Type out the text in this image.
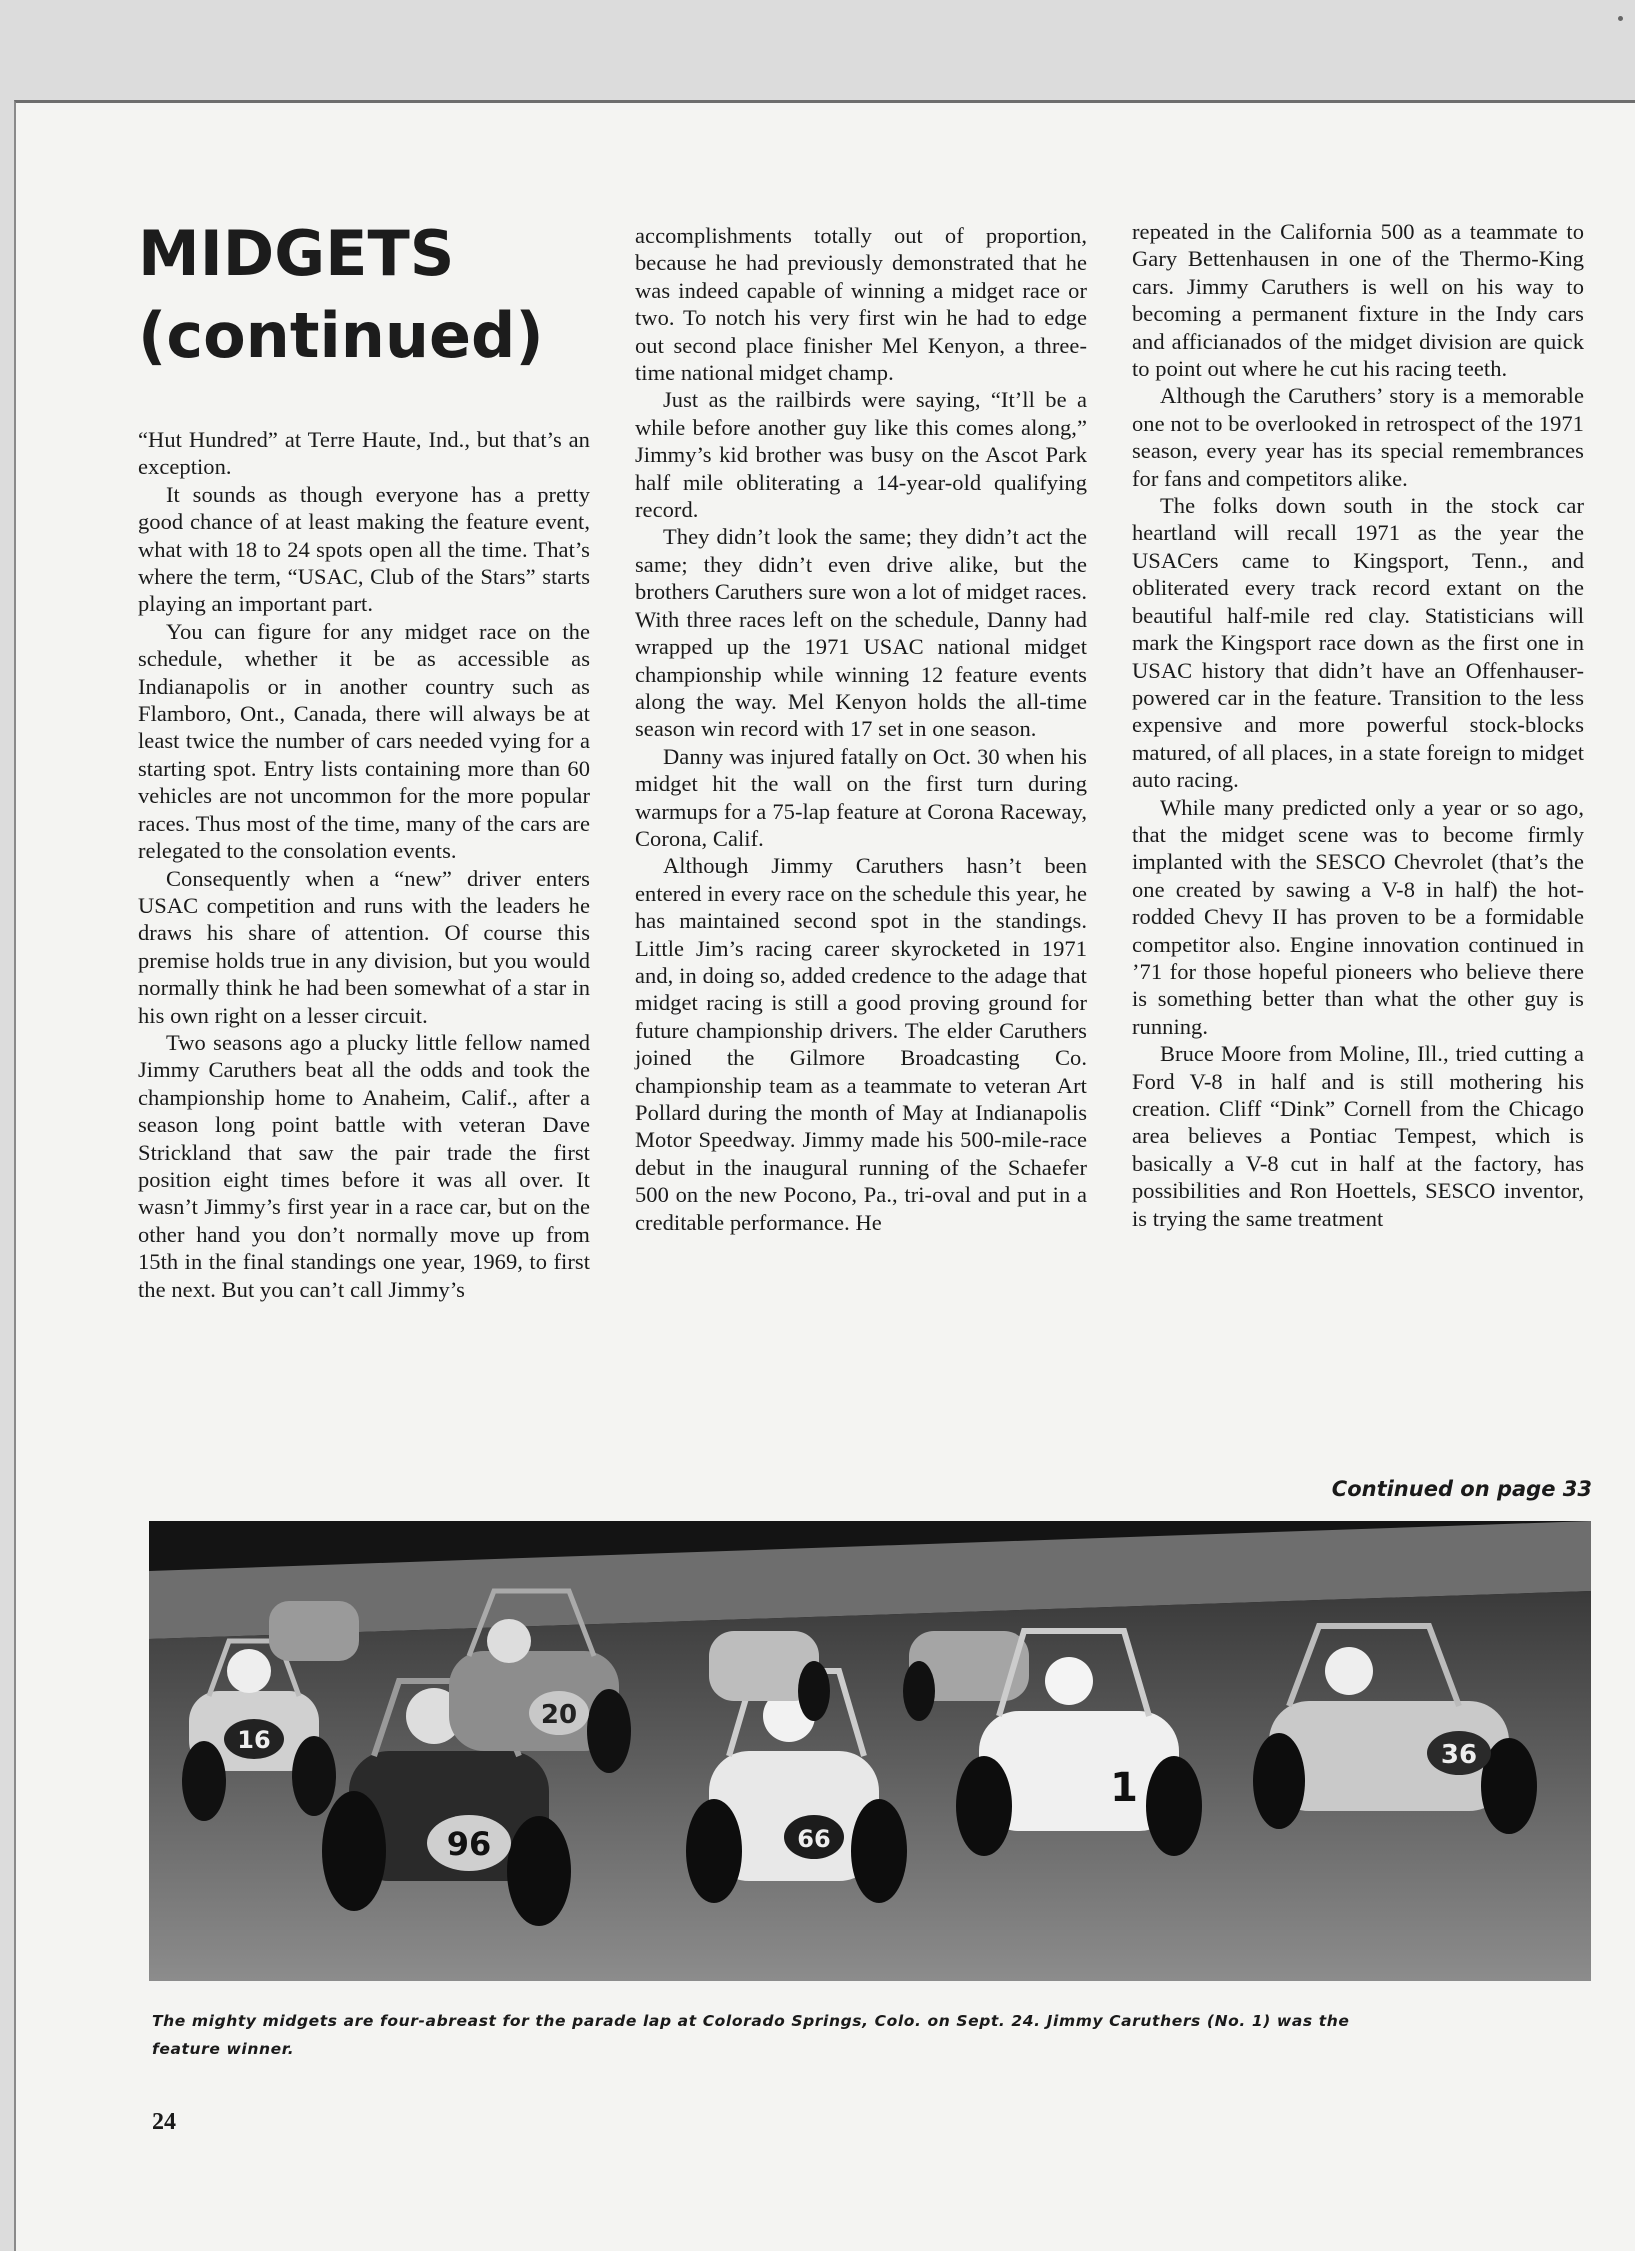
MIDGETS
(continued)

“Hut Hundred” at Terre Haute, Ind., but that’s an exception.

It sounds as though everyone has a pretty good chance of at least making the feature event, what with 18 to 24 spots open all the time. That’s where the term, “USAC, Club of the Stars” starts playing an important part.

You can figure for any midget race on the schedule, whether it be as accessible as Indianapolis or in another country such as Flamboro, Ont., Canada, there will always be at least twice the number of cars needed vying for a starting spot. Entry lists containing more than 60 vehicles are not uncommon for the more popular races. Thus most of the time, many of the cars are relegated to the consolation events.

Consequently when a “new” driver enters USAC competition and runs with the leaders he draws his share of attention. Of course this premise holds true in any division, but you would normally think he had been somewhat of a star in his own right on a lesser circuit.

Two seasons ago a plucky little fellow named Jimmy Caruthers beat all the odds and took the championship home to Anaheim, Calif., after a season long point battle with veteran Dave Strickland that saw the pair trade the first position eight times before it was all over. It wasn’t Jimmy’s first year in a race car, but on the other hand you don’t normally move up from 15th in the final standings one year, 1969, to first the next. But you can’t call Jimmy’s

accomplishments totally out of proportion, because he had previously demonstrated that he was indeed capable of winning a midget race or two. To notch his very first win he had to edge out second place finisher Mel Kenyon, a three-time national midget champ.

Just as the railbirds were saying, “It’ll be a while before another guy like this comes along,” Jimmy’s kid brother was busy on the Ascot Park half mile obliterating a 14-year-old qualifying record.

They didn’t look the same; they didn’t act the same; they didn’t even drive alike, but the brothers Caruthers sure won a lot of midget races. With three races left on the schedule, Danny had wrapped up the 1971 USAC national midget championship while winning 12 feature events along the way. Mel Kenyon holds the all-time season win record with 17 set in one season.

Danny was injured fatally on Oct. 30 when his midget hit the wall on the first turn during warmups for a 75-lap feature at Corona Raceway, Corona, Calif.

Although Jimmy Caruthers hasn’t been entered in every race on the schedule this year, he has maintained second spot in the standings. Little Jim’s racing career skyrocketed in 1971 and, in doing so, added credence to the adage that midget racing is still a good proving ground for future championship drivers. The elder Caruthers joined the Gilmore Broadcasting Co. championship team as a teammate to veteran Art Pollard during the month of May at Indianapolis Motor Speedway. Jimmy made his 500-mile-race debut in the inaugural running of the Schaefer 500 on the new Pocono, Pa., tri-oval and put in a creditable performance. He

repeated in the California 500 as a teammate to Gary Bettenhausen in one of the Thermo-King cars. Jimmy Caruthers is well on his way to becoming a permanent fixture in the Indy cars and afficianados of the midget division are quick to point out where he cut his racing teeth.

Although the Caruthers’ story is a memorable one not to be overlooked in retrospect of the 1971 season, every year has its special remembrances for fans and competitors alike.

The folks down south in the stock car heartland will recall 1971 as the year the USACers came to Kingsport, Tenn., and obliterated every track record extant on the beautiful half-mile red clay. Statisticians will mark the Kingsport race down as the first one in USAC history that didn’t have an Offenhauser-powered car in the feature. Transition to the less expensive and more powerful stock-blocks matured, of all places, in a state foreign to midget auto racing.

While many predicted only a year or so ago, that the midget scene was to become firmly implanted with the SESCO Chevrolet (that’s the one created by sawing a V-8 in half) the hot-rodded Chevy II has proven to be a formidable competitor also. Engine innovation continued in ’71 for those hopeful pioneers who believe there is something better than what the other guy is running.

Bruce Moore from Moline, Ill., tried cutting a Ford V-8 in half and is still mothering his creation. Cliff “Dink” Cornell from the Chicago area believes a Pontiac Tempest, which is basically a V-8 cut in half at the factory, has possibilities and Ron Hoettels, SESCO inventor, is trying the same treatment

Continued on page 33
16
96
20
66
1
36
The mighty midgets are four-abreast for the parade lap at Colorado Springs, Colo. on Sept. 24. Jimmy Caruthers (No. 1) was the feature winner.
24
